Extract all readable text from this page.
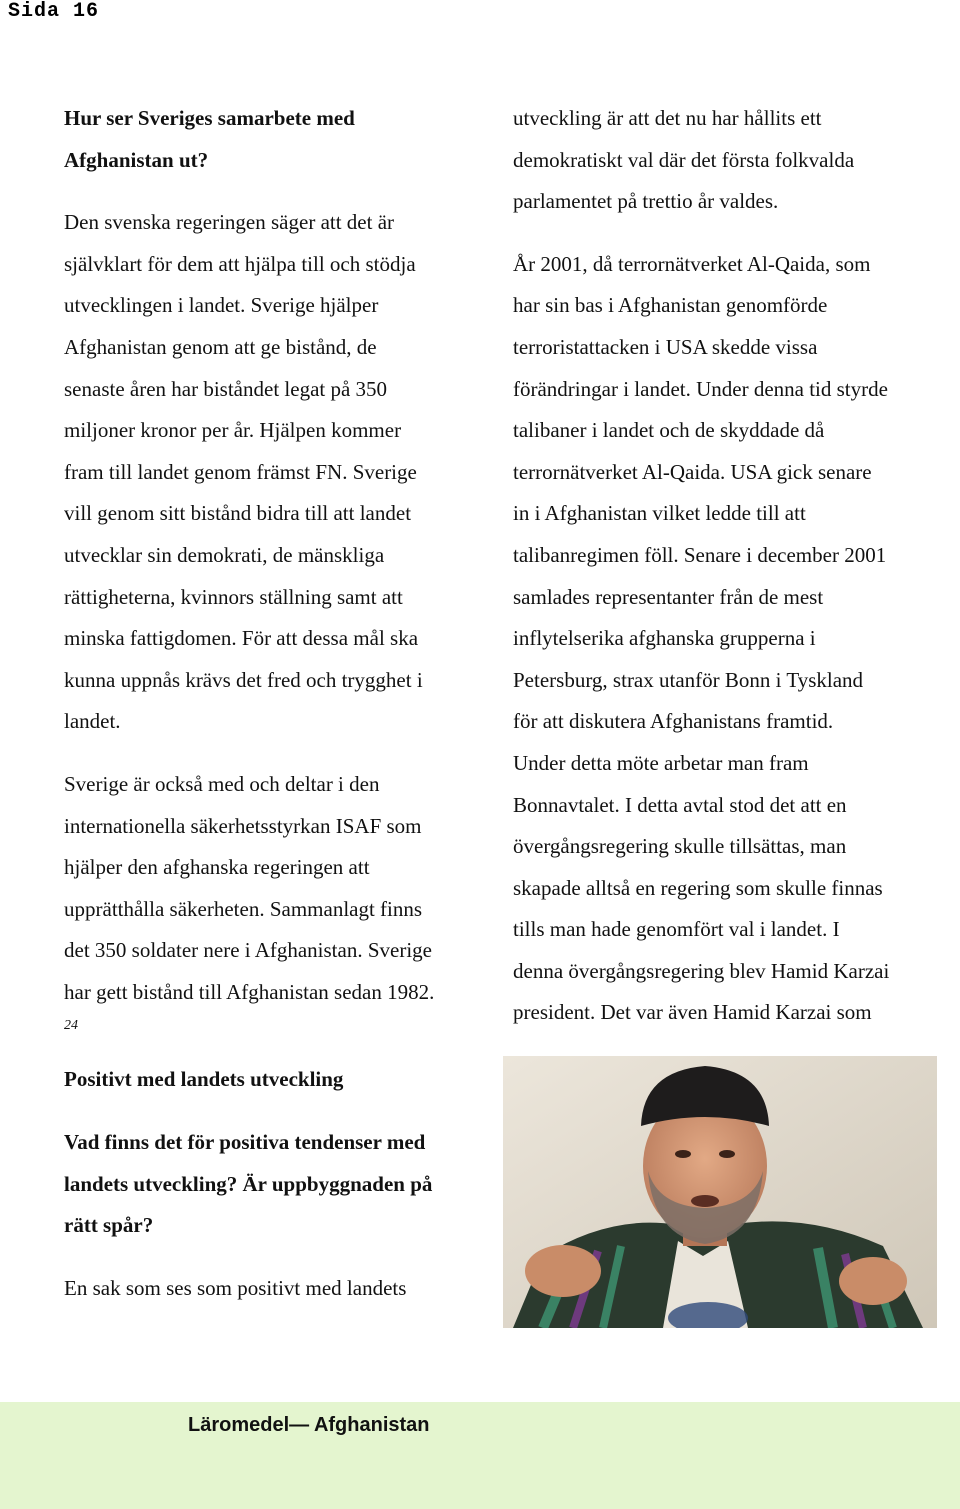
Sida 16

Hur ser Sveriges samarbete med

Afghanistan ut?

Den svenska regeringen säger att det är

självklart för dem att hjälpa till och stödja

utvecklingen i landet. Sverige hjälper

Afghanistan genom att ge bistånd, de

senaste åren har biståndet legat på 350

miljoner kronor per år. Hjälpen kommer

fram till landet genom främst FN. Sverige

vill genom sitt bistånd bidra till att landet

utvecklar sin demokrati, de mänskliga

rättigheterna, kvinnors ställning samt att

minska fattigdomen. För att dessa mål ska

kunna uppnås krävs det fred och trygghet i

landet.

Sverige är också med och deltar i den

internationella säkerhetsstyrkan ISAF som

hjälper den afghanska regeringen att

upprätthålla säkerheten. Sammanlagt finns

det 350 soldater nere i Afghanistan. Sverige

har gett bistånd till Afghanistan sedan 1982.

24

Positivt med landets utveckling

Vad finns det för positiva tendenser med

landets utveckling? Är uppbyggnaden på

rätt spår?

En sak som ses som positivt med landets

utveckling är att det nu har hållits ett

demokratiskt val där det första folkvalda

parlamentet på trettio år valdes.

År 2001, då terrornätverket Al-Qaida, som

har sin bas i Afghanistan genomförde

terroristattacken i USA skedde vissa

förändringar i landet. Under denna tid styrde

talibaner i landet och de skyddade då

terrornätverket Al-Qaida. USA gick senare

in i Afghanistan vilket ledde till att

talibanregimen föll. Senare i december 2001

samlades representanter från de mest

inflytelserika afghanska grupperna i

Petersburg, strax utanför Bonn i Tyskland

för att diskutera Afghanistans framtid.

Under detta möte arbetar man fram

Bonnavtalet. I detta avtal stod det att en

övergångsregering skulle tillsättas, man

skapade alltså en regering som skulle finnas

tills man hade genomfört val i landet. I

denna övergångsregering blev Hamid Karzai

president. Det var även Hamid Karzai som

Läromedel— Afghanistan
